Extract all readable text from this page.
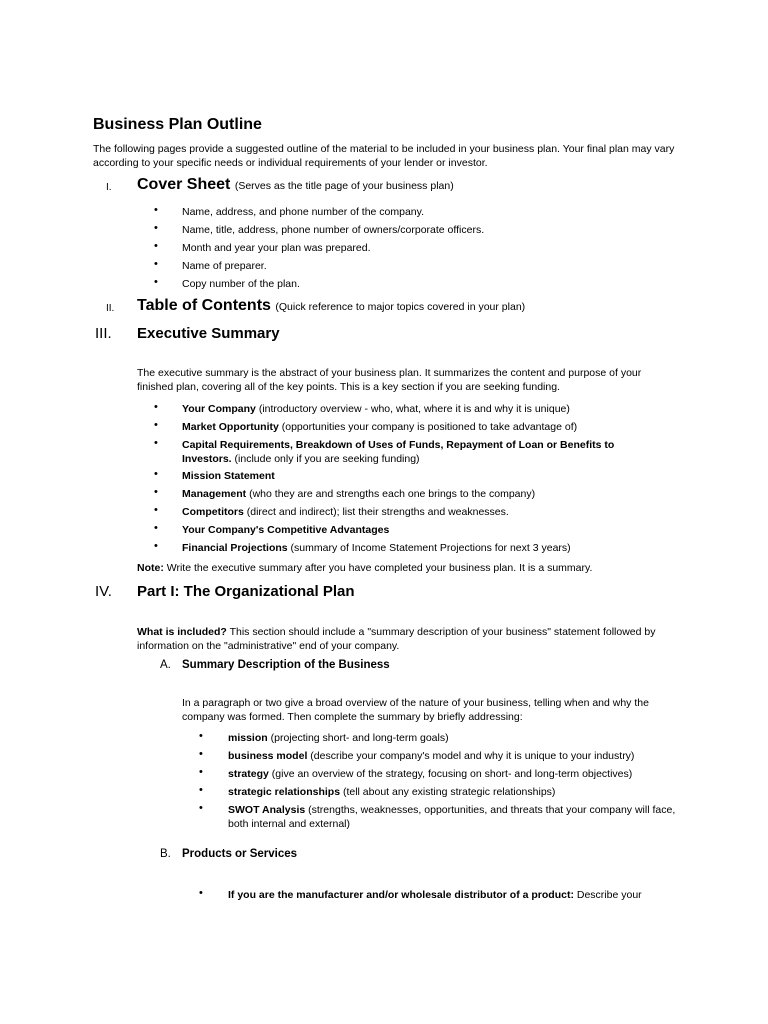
Business Plan Outline
The following pages provide a suggested outline of the material to be included in your business plan. Your final plan may vary according to your specific needs or individual requirements of your lender or investor.
I. Cover Sheet (Serves as the title page of your business plan)
• Name, address, and phone number of the company.
• Name, title, address, phone number of owners/corporate officers.
• Month and year your plan was prepared.
• Name of preparer.
• Copy number of the plan.
II. Table of Contents (Quick reference to major topics covered in your plan)
III. Executive Summary
The executive summary is the abstract of your business plan. It summarizes the content and purpose of your finished plan, covering all of the key points. This is a key section if you are seeking funding.
• Your Company (introductory overview - who, what, where it is and why it is unique)
• Market Opportunity (opportunities your company is positioned to take advantage of)
• Capital Requirements, Breakdown of Uses of Funds, Repayment of Loan or Benefits to Investors. (include only if you are seeking funding)
• Mission Statement
• Management (who they are and strengths each one brings to the company)
• Competitors (direct and indirect); list their strengths and weaknesses.
• Your Company's Competitive Advantages
• Financial Projections (summary of Income Statement Projections for next 3 years)
Note: Write the executive summary after you have completed your business plan. It is a summary.
IV. Part I: The Organizational Plan
What is included? This section should include a "summary description of your business" statement followed by information on the "administrative" end of your company.
A. Summary Description of the Business
In a paragraph or two give a broad overview of the nature of your business, telling when and why the company was formed. Then complete the summary by briefly addressing:
• mission (projecting short- and long-term goals)
• business model (describe your company's model and why it is unique to your industry)
• strategy (give an overview of the strategy, focusing on short- and long-term objectives)
• strategic relationships (tell about any existing strategic relationships)
• SWOT Analysis (strengths, weaknesses, opportunities, and threats that your company will face, both internal and external)
B. Products or Services
• If you are the manufacturer and/or wholesale distributor of a product: Describe your
